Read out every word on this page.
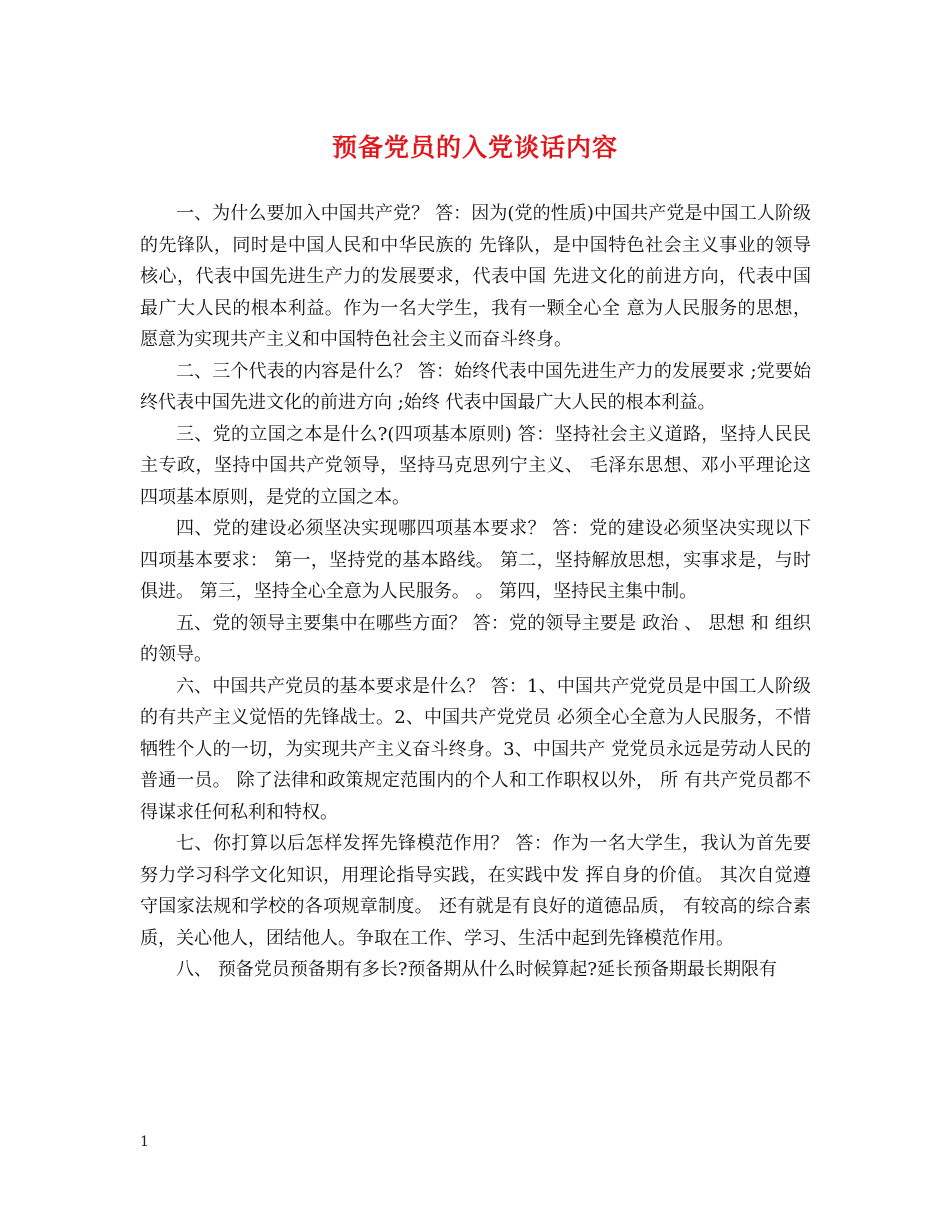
预备党员的入党谈话内容

一、为什么要加入中国共产党？ 答：因为(党的性质)中国共产党是中国工人阶级的先锋队，同时是中国人民和中华民族的 先锋队，是中国特色社会主义事业的领导核心，代表中国先进生产力的发展要求，代表中国 先进文化的前进方向，代表中国最广大人民的根本利益。作为一名大学生，我有一颗全心全 意为人民服务的思想，愿意为实现共产主义和中国特色社会主义而奋斗终身。

二、三个代表的内容是什么？ 答：始终代表中国先进生产力的发展要求 ;党要始终代表中国先进文化的前进方向 ;始终 代表中国最广大人民的根本利益。

三、党的立国之本是什么?(四项基本原则) 答：坚持社会主义道路，坚持人民民主专政，坚持中国共产党领导，坚持马克思列宁主义、 毛泽东思想、邓小平理论这四项基本原则，是党的立国之本。

四、党的建设必须坚决实现哪四项基本要求？ 答：党的建设必须坚决实现以下四项基本要求： 第一，坚持党的基本路线。 第二，坚持解放思想，实事求是，与时俱进。 第三，坚持全心全意为人民服务。 。 第四，坚持民主集中制。

五、党的领导主要集中在哪些方面？ 答：党的领导主要是 政治 、 思想 和 组织 的领导。

六、中国共产党员的基本要求是什么？ 答：1、中国共产党党员是中国工人阶级的有共产主义觉悟的先锋战士。2、中国共产党党员 必须全心全意为人民服务，不惜牺牲个人的一切，为实现共产主义奋斗终身。3、中国共产 党党员永远是劳动人民的普通一员。 除了法律和政策规定范围内的个人和工作职权以外， 所 有共产党员都不得谋求任何私利和特权。

七、你打算以后怎样发挥先锋模范作用？ 答：作为一名大学生，我认为首先要努力学习科学文化知识，用理论指导实践，在实践中发 挥自身的价值。 其次自觉遵守国家法规和学校的各项规章制度。 还有就是有良好的道德品质， 有较高的综合素质，关心他人，团结他人。争取在工作、学习、生活中起到先锋模范作用。

八、 预备党员预备期有多长?预备期从什么时候算起?延长预备期最长期限有

1
